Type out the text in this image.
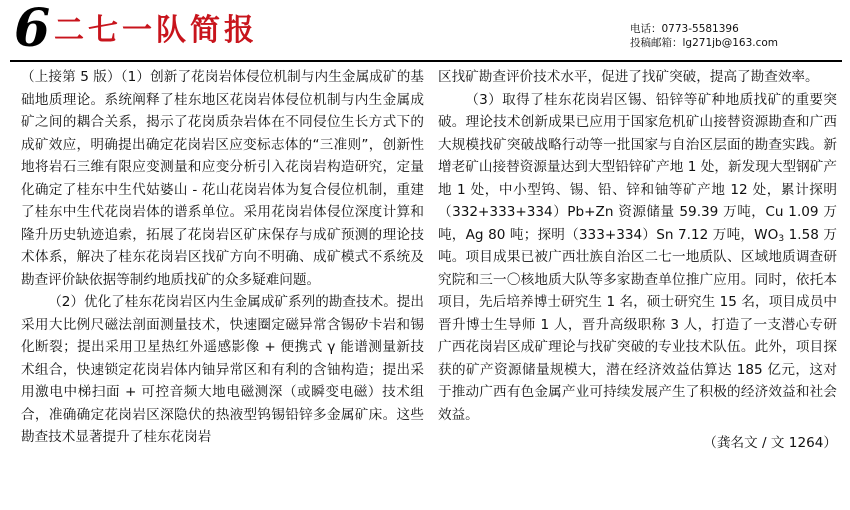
6 二七一队简报	电话：0773-5581396
投稿邮箱：lg271jb@163.com

（上接第 5 版）（1）创新了花岗岩体侵位机制与内生金属成矿的基础地质理论。系统阐释了桂东地区花岗岩体侵位机制与内生金属成矿之间的耦合关系，揭示了花岗质杂岩体在不同侵位生长方式下的成矿效应，明确提出确定花岗岩区应变标志体的“三准则”，创新性地将岩石三维有限应变测量和应变分析引入花岗岩构造研究，定量化确定了桂东中生代姑婆山 - 花山花岗岩体为复合侵位机制，重建了桂东中生代花岗岩体的谱系单位。采用花岗岩体侵位深度计算和隆升历史轨迹追索，拓展了花岗岩区矿床保存与成矿预测的理论技术体系，解决了桂东花岗岩区找矿方向不明确、成矿模式不系统及勘查评价缺依据等制约地质找矿的众多疑难问题。

（2）优化了桂东花岗岩区内生金属成矿系列的勘查技术。提出采用大比例尺磁法剖面测量技术，快速圈定磁异常含锡矽卡岩和锡化断裂；提出采用卫星热红外遥感影像 + 便携式 γ 能谱测量新技术组合，快速锁定花岗岩体内铀异常区和有利的含铀构造；提出采用激电中梯扫面 + 可控音频大地电磁测深（或瞬变电磁）技术组合，准确确定花岗岩区深隐伏的热液型钨锡铅锌多金属矿床。这些勘查技术显著提升了桂东花岗岩

区找矿勘查评价技术水平，促进了找矿突破，提高了勘查效率。

（3）取得了桂东花岗岩区锡、铅锌等矿种地质找矿的重要突破。理论技术创新成果已应用于国家危机矿山接替资源勘查和广西大规模找矿突破战略行动等一批国家与自治区层面的勘查实践。新增老矿山接替资源量达到大型铅锌矿产地 1 处，新发现大型钢矿产地 1 处，中小型钨、锡、铅、锌和铀等矿产地 12 处，累计探明（332+333+334）Pb+Zn 资源储量 59.39 万吨，Cu 1.09 万吨，Ag 80 吨；探明（333+334）Sn 7.12 万吨，$WO_3$ 1.58 万吨。项目成果已被广西壮族自治区二七一地质队、区域地质调查研究院和三一〇核地质大队等多家勘查单位推广应用。同时，依托本项目，先后培养博士研究生 1 名，硕士研究生 15 名，项目成员中晋升博士生导师 1 人，晋升高级职称 3 人，打造了一支潜心专研广西花岗岩区成矿理论与找矿突破的专业技术队伍。此外，项目探获的矿产资源储量规模大，潜在经济效益估算达 185 亿元，这对于推动广西有色金属产业可持续发展产生了积极的经济效益和社会效益。

（龚名文 / 文 1264）
